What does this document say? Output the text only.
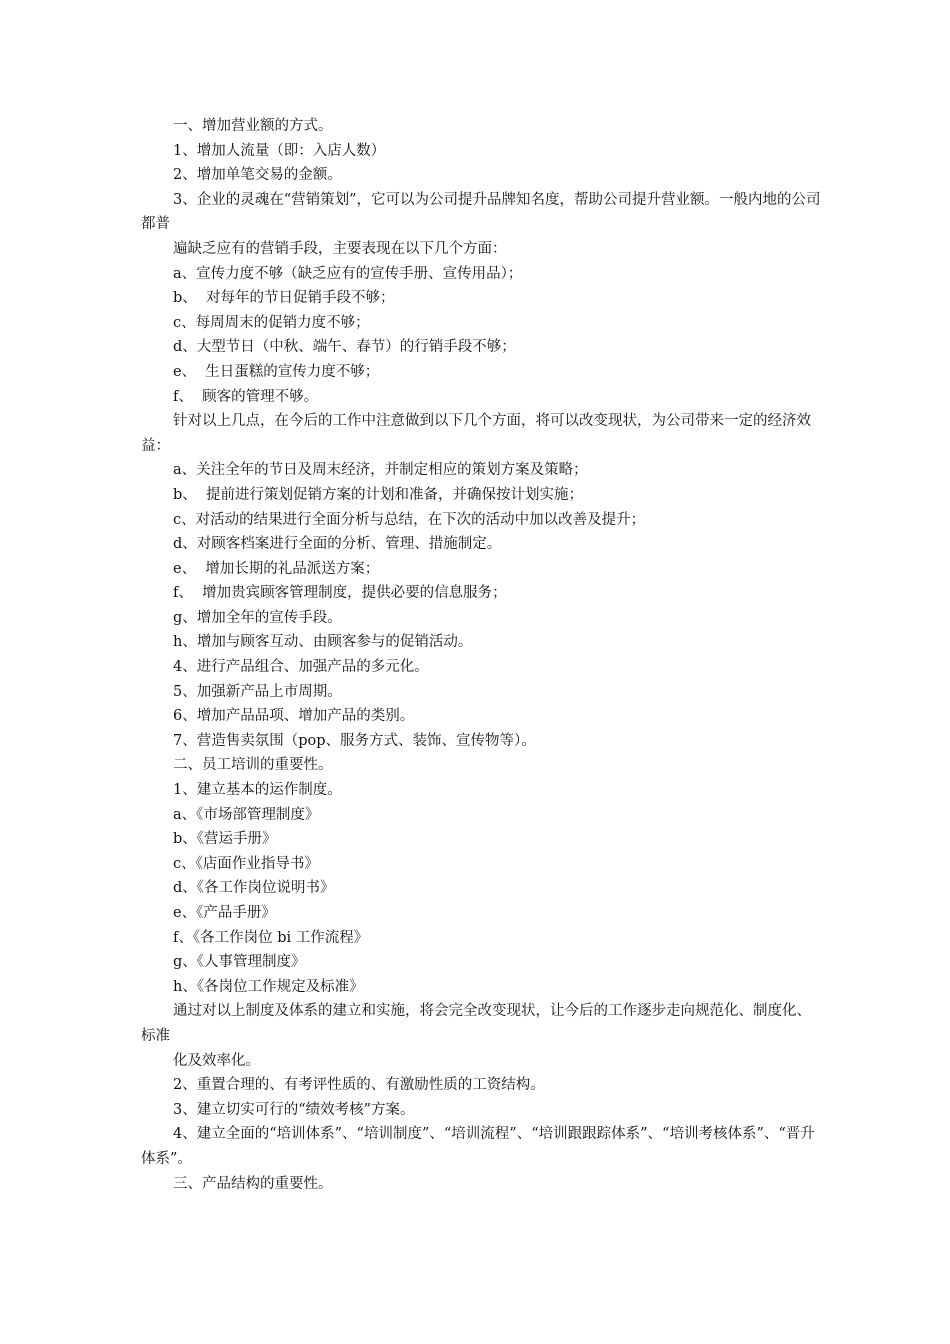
一、增加营业额的方式。

1、增加人流量（即：入店人数）

2、增加单笔交易的金额。

3、企业的灵魂在“营销策划”，它可以为公司提升品牌知名度，帮助公司提升营业额。一般内地的公司都普

遍缺乏应有的营销手段，主要表现在以下几个方面：

a、宣传力度不够（缺乏应有的宣传手册、宣传用品）；

b、  对每年的节日促销手段不够；

c、每周周末的促销力度不够；

d、大型节日（中秋、端午、春节）的行销手段不够；

e、  生日蛋糕的宣传力度不够；

f、  顾客的管理不够。

针对以上几点，在今后的工作中注意做到以下几个方面，将可以改变现状，为公司带来一定的经济效益：

a、关注全年的节日及周末经济，并制定相应的策划方案及策略；

b、  提前进行策划促销方案的计划和准备，并确保按计划实施；

c、对活动的结果进行全面分析与总结，在下次的活动中加以改善及提升；

d、对顾客档案进行全面的分析、管理、措施制定。

e、  增加长期的礼品派送方案；

f、  增加贵宾顾客管理制度，提供必要的信息服务；

g、增加全年的宣传手段。

h、增加与顾客互动、由顾客参与的促销活动。

4、进行产品组合、加强产品的多元化。

5、加强新产品上市周期。

6、增加产品品项、增加产品的类别。

7、营造售卖氛围（pop、服务方式、装饰、宣传物等）。

二、员工培训的重要性。

1、建立基本的运作制度。

a、《市场部管理制度》

b、《营运手册》

c、《店面作业指导书》

d、《各工作岗位说明书》

e、《产品手册》

f、《各工作岗位 bi 工作流程》

g、《人事管理制度》

h、《各岗位工作规定及标准》

通过对以上制度及体系的建立和实施，将会完全改变现状，让今后的工作逐步走向规范化、制度化、标准

化及效率化。

2、重置合理的、有考评性质的、有激励性质的工资结构。

3、建立切实可行的“绩效考核”方案。

4、建立全面的“培训体系”、“培训制度”、“培训流程”、“培训跟跟踪体系”、“培训考核体系”、“晋升体系”。

三、产品结构的重要性。
